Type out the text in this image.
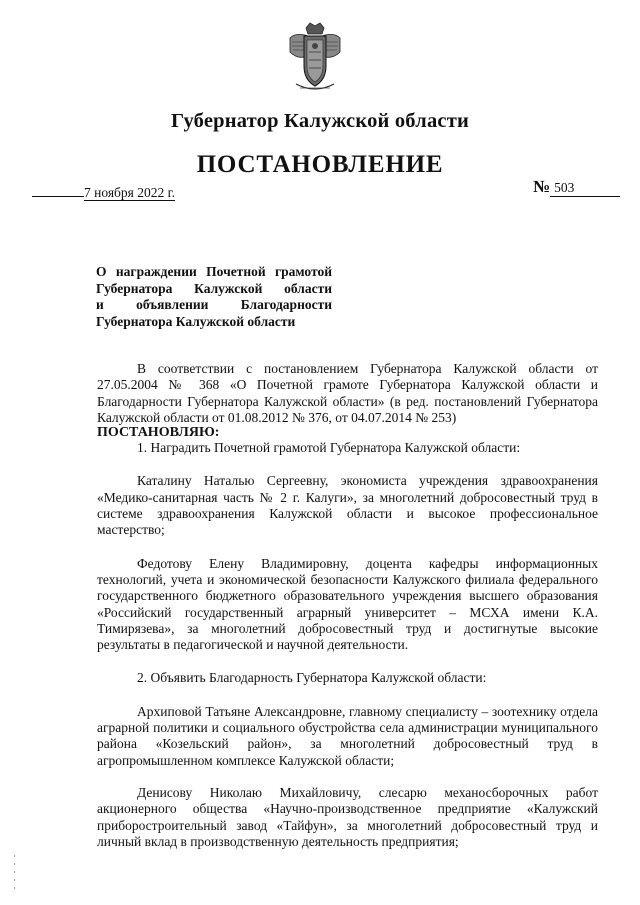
Губернатор Калужской области
ПОСТАНОВЛЕНИЕ
7 ноября 2022 г.	№ 503
О награждении Почетной грамотой
Губернатора Калужской области
и объявлении Благодарности
Губернатора Калужской области

В соответствии с постановлением Губернатора Калужской области от 27.05.2004 № 368 «О Почетной грамоте Губернатора Калужской области и Благодарности Губернатора Калужской области» (в ред. постановлений Губернатора Калужской области от 01.08.2012 № 376, от 04.07.2014 № 253)

ПОСТАНОВЛЯЮ:

1. Наградить Почетной грамотой Губернатора Калужской области:

Каталину Наталью Сергеевну, экономиста учреждения здравоохранения «Медико-санитарная часть № 2 г. Калуги», за многолетний добросовестный труд в системе здравоохранения Калужской области и высокое профессиональное мастерство;

Федотову Елену Владимировну, доцента кафедры информационных технологий, учета и экономической безопасности Калужского филиала федерального государственного бюджетного образовательного учреждения высшего образования «Российский государственный аграрный университет – МСХА имени К.А. Тимирязева», за многолетний добросовестный труд и достигнутые высокие результаты в педагогической и научной деятельности.

2. Объявить Благодарность Губернатора Калужской области:

Архиповой Татьяне Александровне, главному специалисту – зоотехнику отдела аграрной политики и социального обустройства села администрации муниципального района «Козельский район», за многолетний добросовестный труд в агропромышленном комплексе Калужской области;

Денисову Николаю Михайловичу, слесарю механосборочных работ акционерного общества «Научно-производственное предприятие «Калужский приборостроительный завод «Тайфун», за многолетний добросовестный труд и личный вклад в производственную деятельность предприятия;
